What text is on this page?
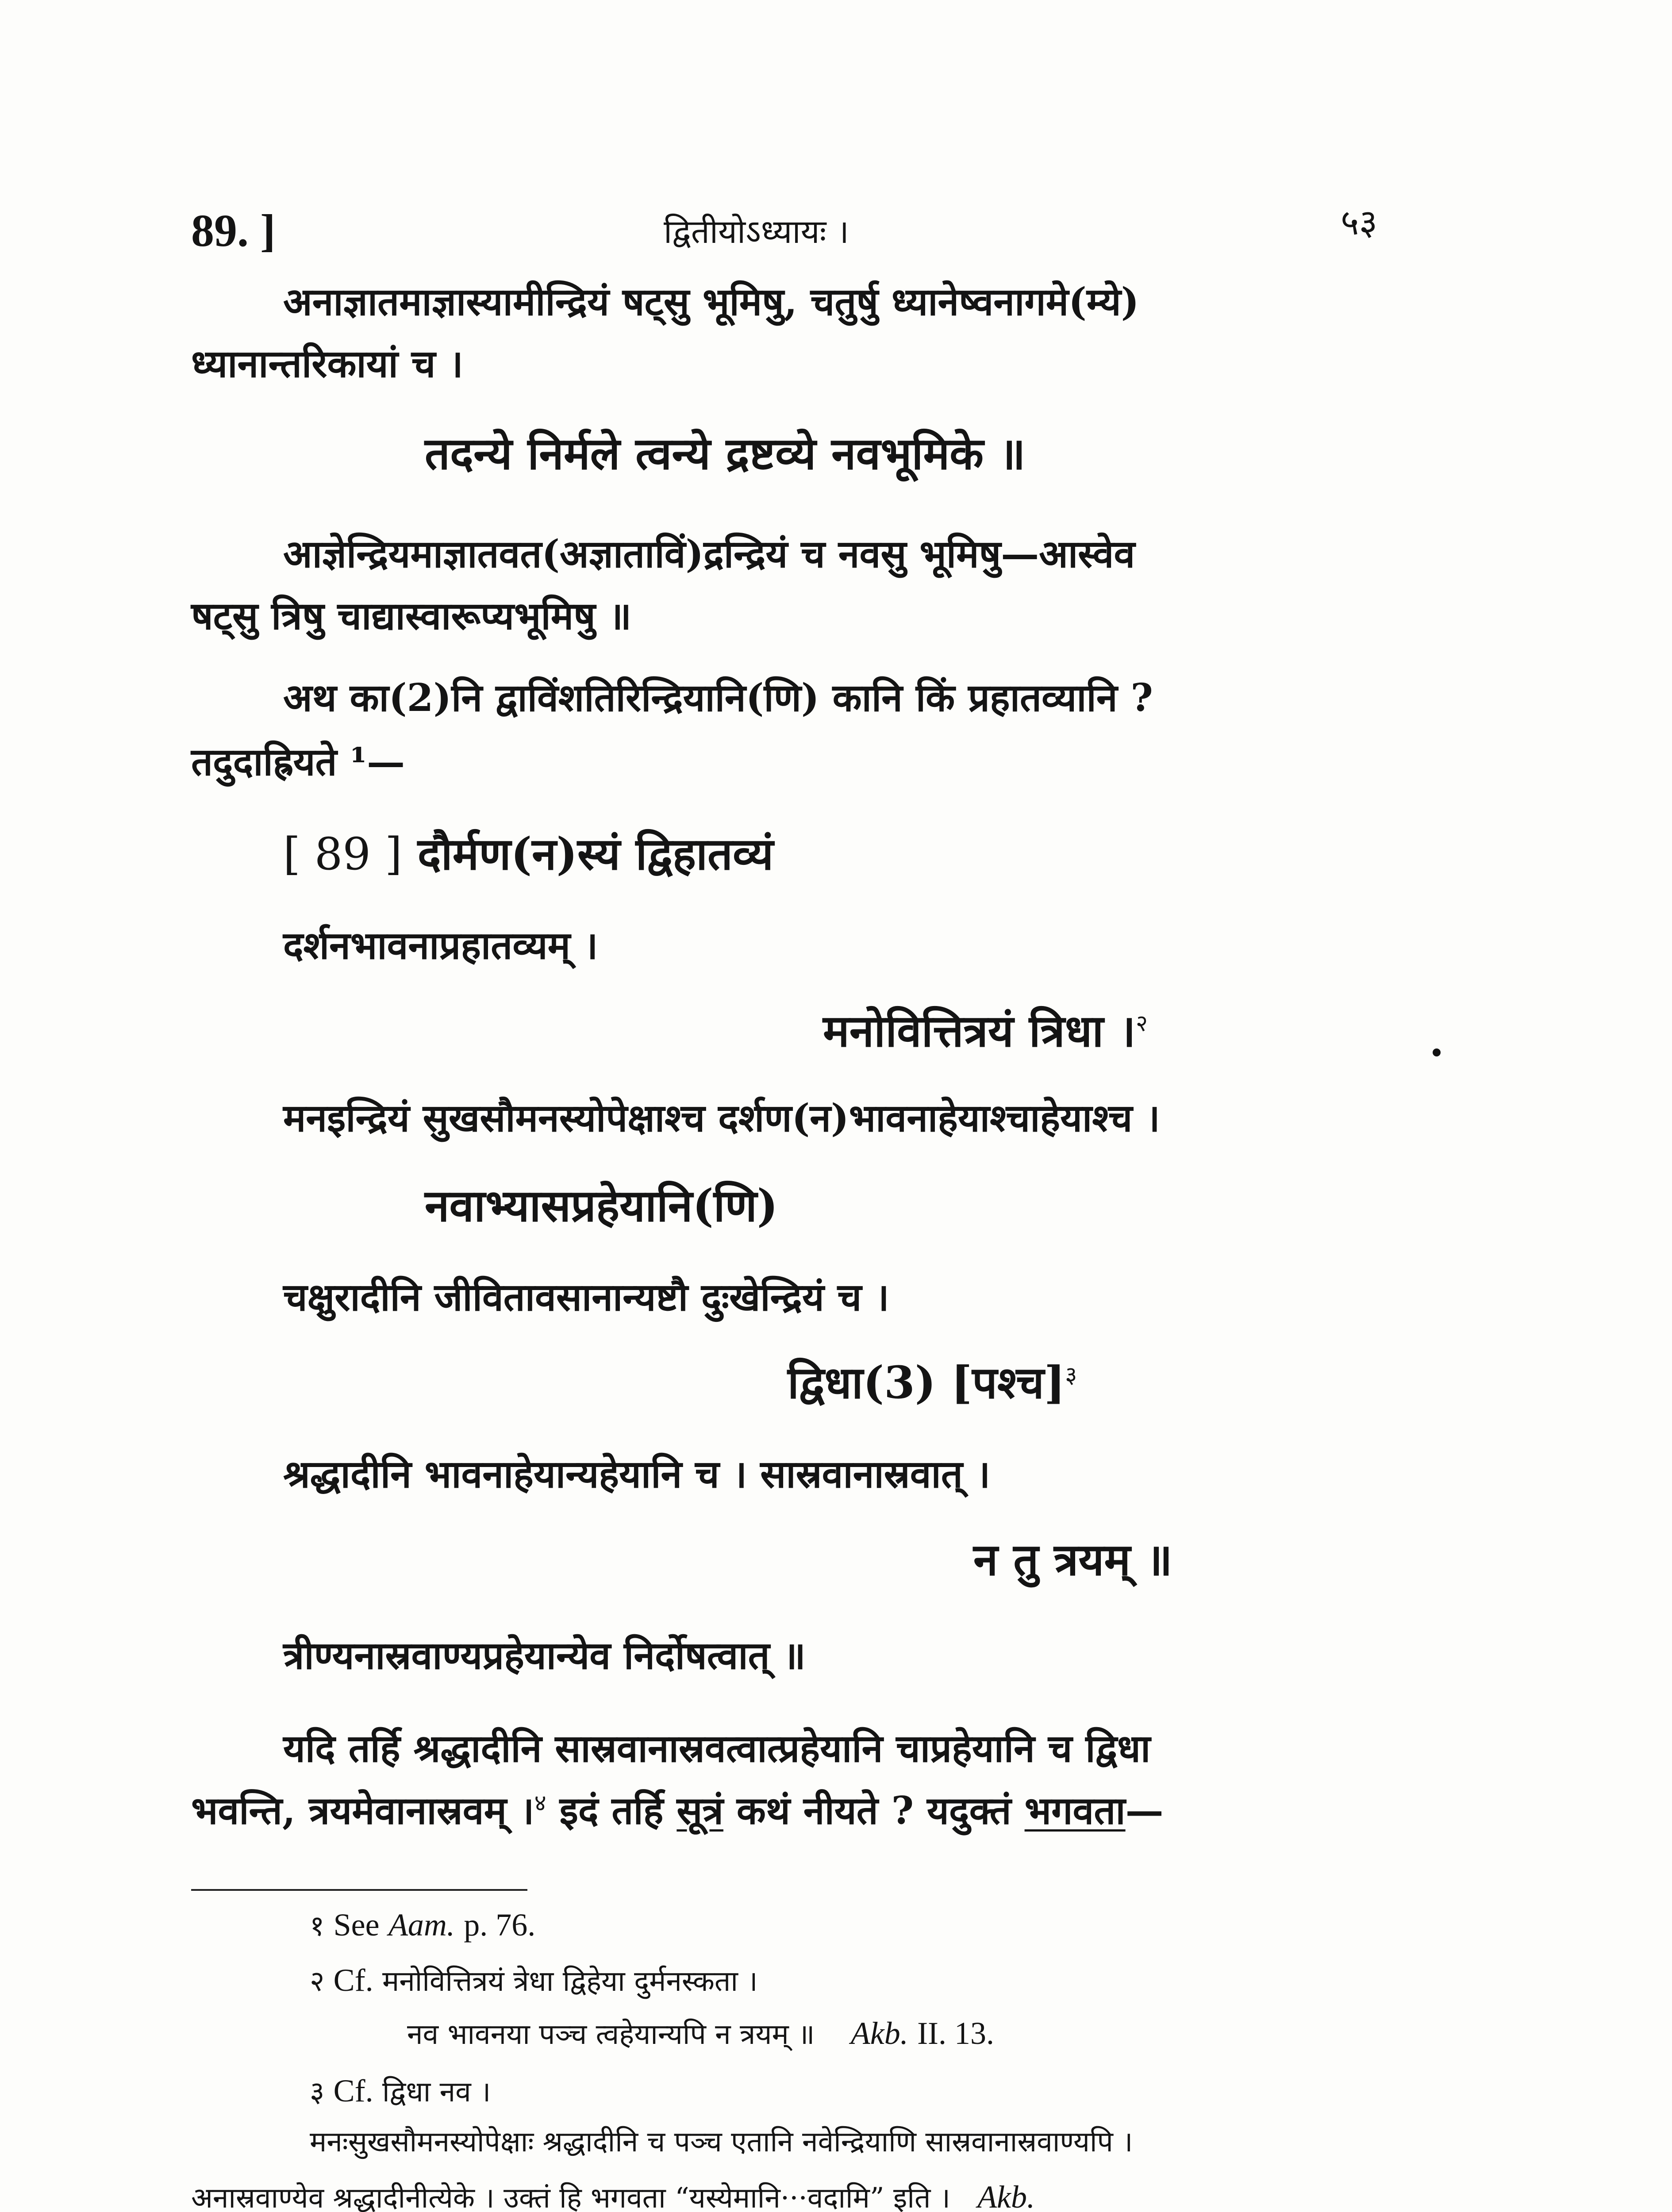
89. ]	द्वितीयोऽध्यायः ।	५३
अनाज्ञातमाज्ञास्यामीन्द्रियं षट्सु भूमिषु, चतुर्षु ध्यानेष्वनागमे(म्ये)
ध्यानान्तरिकायां च ।
तदन्ये निर्मले त्वन्ये द्रष्टव्ये नवभूमिके ॥
आज्ञेन्द्रियमाज्ञातवत(अज्ञाताविं)द्रन्द्रियं च नवसु भूमिषु—आस्वेव
षट्सु त्रिषु चाद्यास्वारूप्यभूमिषु ॥
अथ का(2)नि द्वाविंशतिरिन्द्रियानि(णि) कानि किं प्रहातव्यानि ?
तदुदाह्रियते ¹—
[ 89 ] दौर्मण(न)स्यं द्विहातव्यं
दर्शनभावनाप्रहातव्यम् ।
मनोवित्तित्रयं त्रिधा ।$^२$
मनइन्द्रियं सुखसौमनस्योपेक्षाश्च दर्शण(न)भावनाहेयाश्चाहेयाश्च ।
नवाभ्यासप्रहेयानि(णि)
चक्षुरादीनि जीवितावसानान्यष्टौ दुःखेन्द्रियं च ।
द्विधा(3) [पश्च]$^३$
श्रद्धादीनि भावनाहेयान्यहेयानि च । सास्रवानास्रवात् ।
न तु त्रयम् ॥
त्रीण्यनास्रवाण्यप्रहेयान्येव निर्दोषत्वात् ॥
यदि तर्हि श्रद्धादीनि सास्रवानास्रवत्वात्प्रहेयानि चाप्रहेयानि च द्विधा
भवन्ति, त्रयमेवानास्रवम् ।$^४$ इदं तर्हि सूत्रं कथं नीयते ? यदुक्तं भगवता—
१ See Aam. p. 76.
२ Cf. मनोवित्तित्रयं त्रेधा द्विहेया दुर्मनस्कता ।
नव भावनया पञ्च त्वहेयान्यपि न त्रयम् ॥ Akb. II. 13.
३ Cf. द्विधा नव ।
मनःसुखसौमनस्योपेक्षाः श्रद्धादीनि च पञ्च एतानि नवेन्द्रियाणि सास्रवानास्रवाण्यपि ।
अनास्रवाण्येव श्रद्धादीनीत्येके । उक्तं हि भगवता “यस्येमानि···वदामि” इति । Akb.
